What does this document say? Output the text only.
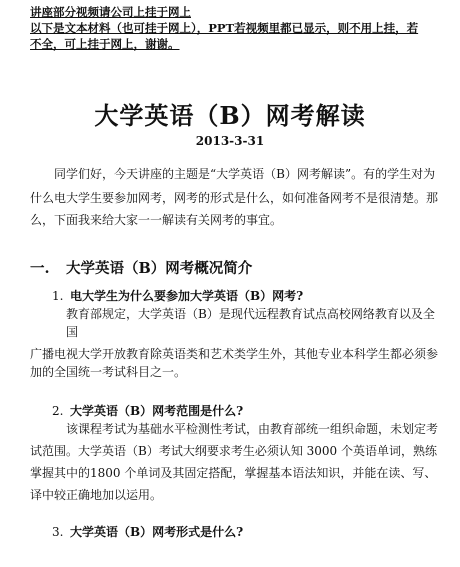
讲座部分视频请公司上挂于网上
以下是文本材料（也可挂于网上），PPT若视频里都已显示，则不用上挂，若
不全，可上挂于网上，谢谢。
大学英语（B）网考解读
2013-3-31
同学们好，今天讲座的主题是“大学英语（B）网考解读”。有的学生对为
什么电大学生要参加网考，网考的形式是什么，如何准备网考不是很清楚。那
么，下面我来给大家一一解读有关网考的事宜。
一. 大学英语（B）网考概况简介
1. 电大学生为什么要参加大学英语（B）网考?
教育部规定，大学英语（B）是现代远程教育试点高校网络教育以及全
国
广播电视大学开放教育除英语类和艺术类学生外，其他专业本科学生都必须参
加的全国统一考试科目之一。
2. 大学英语（B）网考范围是什么?
该课程考试为基础水平检测性考试，由教育部统一组织命题，未划定考
试范围。大学英语（B）考试大纲要求考生必须认知 3000 个英语单词，熟练
掌握其中的1800 个单词及其固定搭配，掌握基本语法知识，并能在读、写、
译中较正确地加以运用。
3. 大学英语（B）网考形式是什么?
